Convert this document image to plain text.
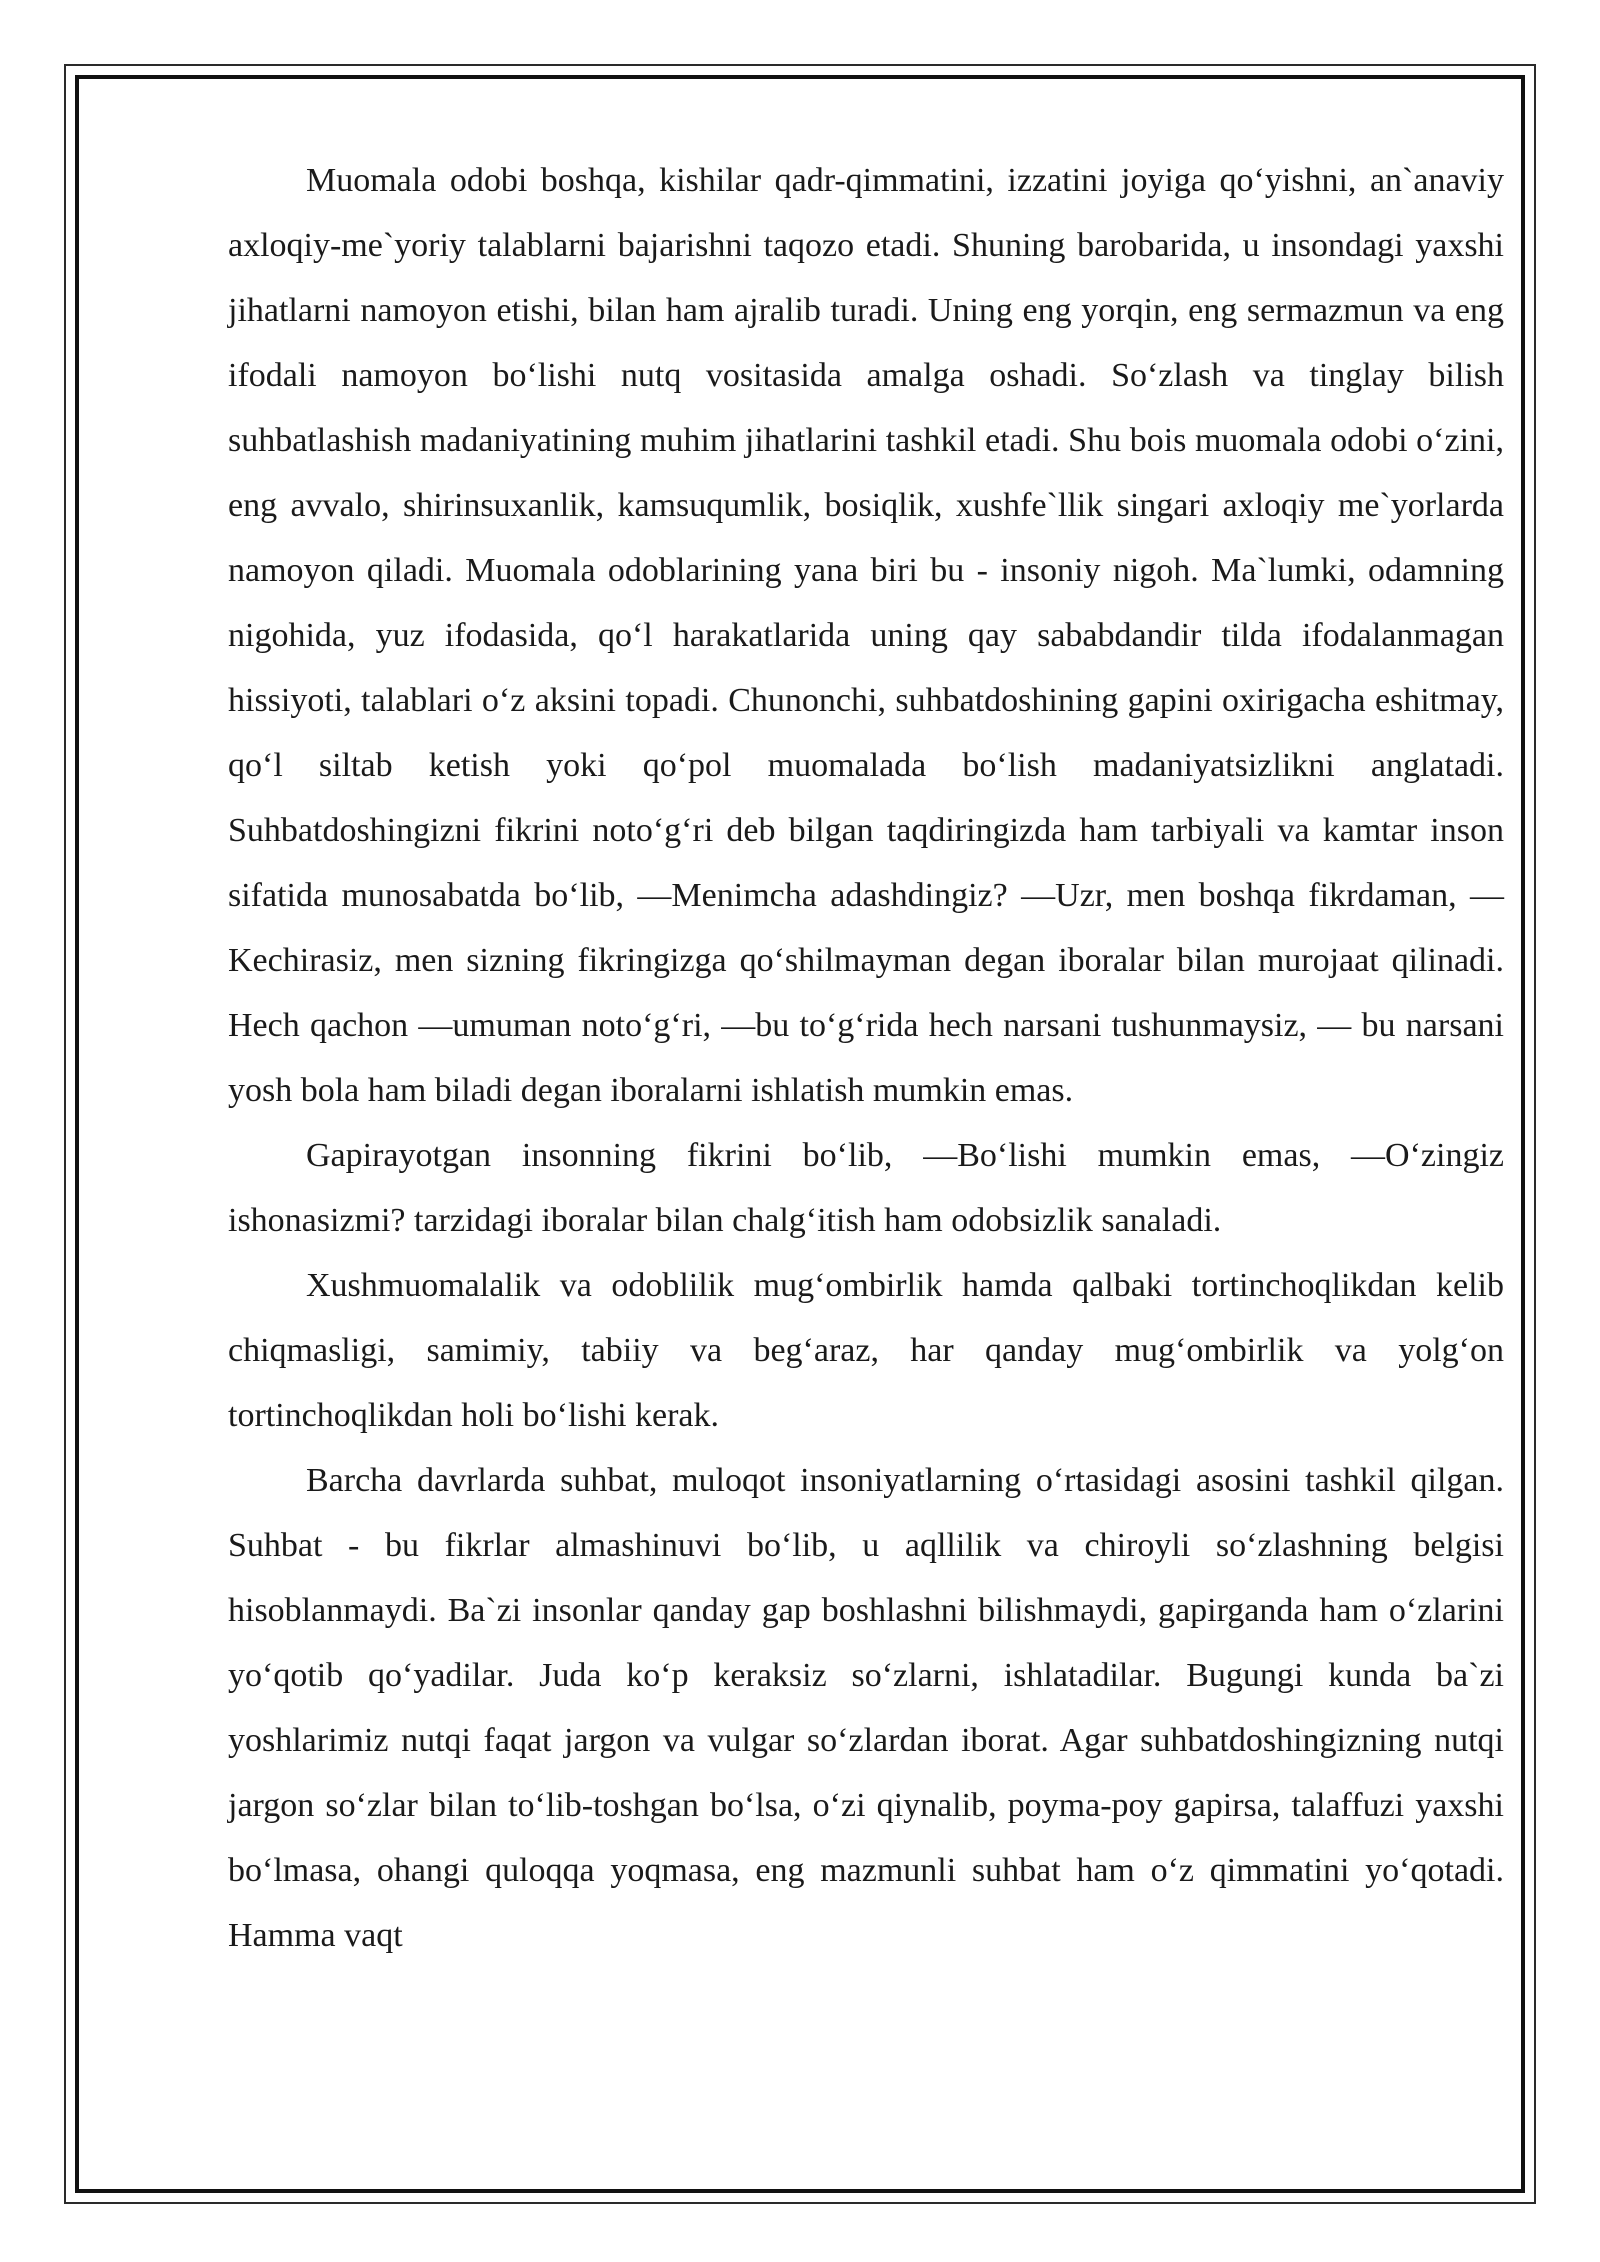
Muomala odobi boshqa, kishilar qadr-qimmatini, izzatini joyiga qo‘yishni, an`anaviy axloqiy-me`yoriy talablarni bajarishni taqozo etadi. Shuning barobarida, u insondagi yaxshi jihatlarni namoyon etishi, bilan ham ajralib turadi. Uning eng yorqin, eng sermazmun va eng ifodali namoyon bo‘lishi nutq vositasida amalga oshadi. So‘zlash va tinglay bilish suhbatlashish madaniyatining muhim jihatlarini tashkil etadi. Shu bois muomala odobi o‘zini, eng avvalo, shirinsuxanlik, kamsuqumlik, bosiqlik, xushfe`llik singari axloqiy me`yorlarda namoyon qiladi. Muomala odoblarining yana biri bu - insoniy nigoh. Ma`lumki, odamning nigohida, yuz ifodasida, qo‘l harakatlarida uning qay sababdandir tilda ifodalanmagan hissiyoti, talablari o‘z aksini topadi. Chunonchi, suhbatdoshining gapini oxirigacha eshitmay, qo‘l siltab ketish yoki qo‘pol muomalada bo‘lish madaniyatsizlikni anglatadi. Suhbatdoshingizni fikrini noto‘g‘ri deb bilgan taqdiringizda ham tarbiyali va kamtar inson sifatida munosabatda bo‘lib, —Menimcha adashdingiz? —Uzr, men boshqa fikrdaman, — Kechirasiz, men sizning fikringizga qo‘shilmayman degan iboralar bilan murojaat qilinadi. Hech qachon —umuman noto‘g‘ri, —bu to‘g‘rida hech narsani tushunmaysiz, — bu narsani yosh bola ham biladi degan iboralarni ishlatish mumkin emas.

Gapirayotgan insonning fikrini bo‘lib, —Bo‘lishi mumkin emas, —O‘zingiz ishonasizmi? tarzidagi iboralar bilan chalg‘itish ham odobsizlik sanaladi.

Xushmuomalalik va odoblilik mug‘ombirlik hamda qalbaki tortinchoqlikdan kelib chiqmasligi, samimiy, tabiiy va beg‘araz, har qanday mug‘ombirlik va yolg‘on tortinchoqlikdan holi bo‘lishi kerak.

Barcha davrlarda suhbat, muloqot insoniyatlarning o‘rtasidagi asosini tashkil qilgan. Suhbat - bu fikrlar almashinuvi bo‘lib, u aqllilik va chiroyli so‘zlashning belgisi hisoblanmaydi. Ba`zi insonlar qanday gap boshlashni bilishmaydi, gapirganda ham o‘zlarini yo‘qotib qo‘yadilar. Juda ko‘p keraksiz so‘zlarni, ishlatadilar. Bugungi kunda ba`zi yoshlarimiz nutqi faqat jargon va vulgar so‘zlardan iborat. Agar suhbatdoshingizning nutqi jargon so‘zlar bilan to‘lib-toshgan bo‘lsa, o‘zi qiynalib, poyma-poy gapirsa, talaffuzi yaxshi bo‘lmasa, ohangi quloqqa yoqmasa, eng mazmunli suhbat ham o‘z qimmatini yo‘qotadi. Hamma vaqt
